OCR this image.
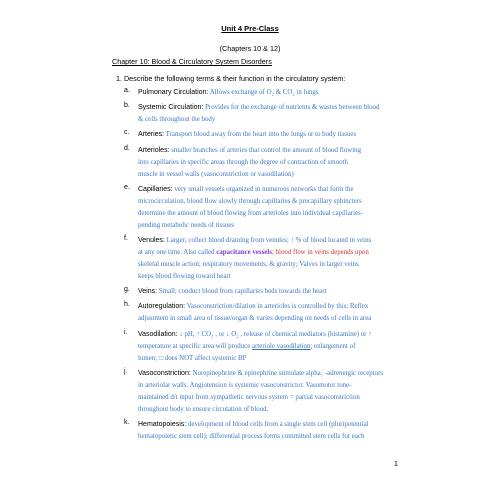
Unit 4 Pre-Class
(Chapters 10 & 12)
Chapter 10: Blood & Circulatory System Disorders
1. Describe the following terms & their function in the circulatory system:
a. Pulmonary Circulation: Allows exchange of O₂ & CO₂ in lungs
b. Systemic Circulation: Provides for the exchange of nutrients & wastes between blood
& cells throughout the body
c. Arteries: Transport blood away from the heart into the lungs or to body tissues
d. Arterioles: smaller branches of arteries that control the amount of blood flowing
into capillaries in specific areas through the degree of contraction of smooth
muscle in vessel walls (vasoconstriction or vasodilation)
e. Capillaries: very small vessels organized in numerous networks that form the
microcirculation, blood flow slowly through capillaries & precapillary sphincters
determine the amount of blood flowing from arterioles into individual capillaries-
pending metabolic needs of tissues
f. Venules: Larger; collect blood draining from venules; ↑ % of blood located in veins
at any one time. Also called capacitance vessels; blood flow in veins depends upon
skeletal muscle action; respiratory movements, & gravity; Valves in larger veins
keeps blood flowing toward heart
g. Veins: Small; conduct blood from capillaries beds towards the heart
h. Autoregulation: Vasoconstriction/dilation in arterioles is controlled by this; Reflex
adjustment in small area of tissue/organ & varies depending on needs of cells in area
i. Vasodilation: ↓ pH, ↑ CO₂ , or ↓ O₂ , release of chemical mediators (histamine) or ↑
temperature at specific area will produce arteriole vasodilation; enlargement of
lumen; □ does NOT affect systemic BP
j. Vasoconstriction: Norepinephrine & epinephrine stimulate alpha₁ -adrenergic receptors
in arteriolar walls. Angiotension is systemic vasoconstrictor. Vasomotor tone-
maintained d/t input from sympathetic nervous system = partial vasoconstriction
throughout body to ensure circulation of blood.
k. Hematopoiesis: development of blood cells from a single stem cell (pluripotential
hematopoietic stem cell); differential process forms committed stem cells for each
1
